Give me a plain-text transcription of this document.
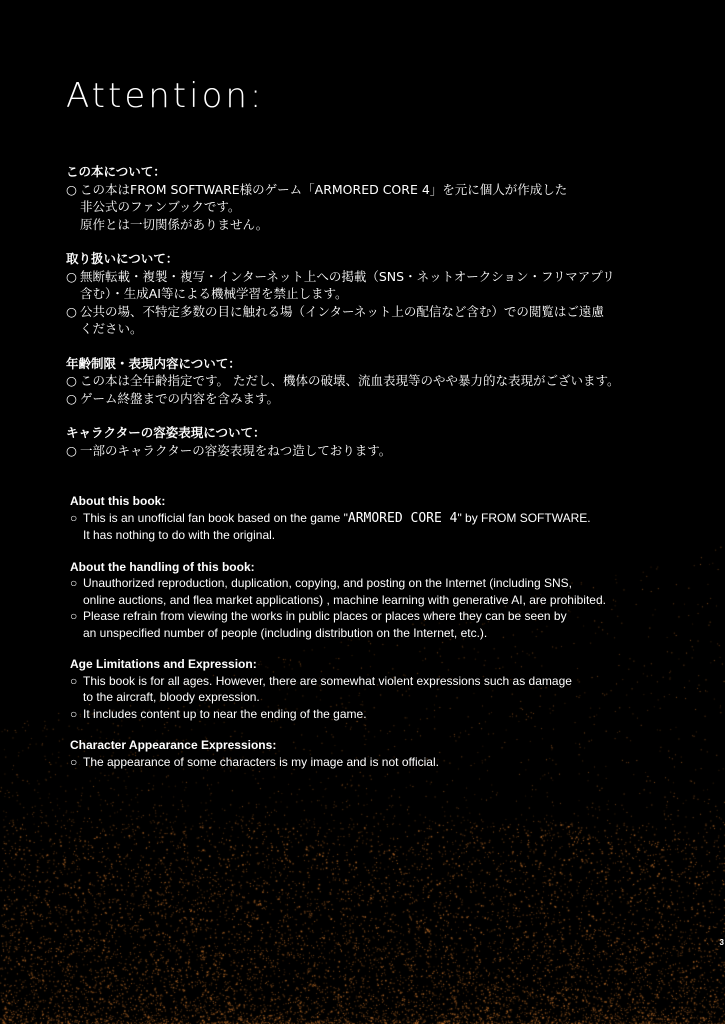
Attention:

この本について：

○ この本はFROM SOFTWARE様のゲーム「ARMORED CORE 4」を元に個人が作成した
非公式のファンブックです。
原作とは一切関係がありません。

取り扱いについて：

○ 無断転載・複製・複写・インターネット上への掲載（SNS・ネットオークション・フリマアプリ
含む）・生成AI等による機械学習を禁止します。
○ 公共の場、不特定多数の目に触れる場（インターネット上の配信など含む）での閲覧はご遠慮
ください。

年齢制限・表現内容について：

○ この本は全年齢指定です。 ただし、機体の破壊、流血表現等のやや暴力的な表現がございます。
○ ゲーム終盤までの内容を含みます。

キャラクターの容姿表現について：

○ 一部のキャラクターの容姿表現をねつ造しております。

About this book:

○ This is an unofficial fan book based on the game "ARMORED CORE 4" by FROM SOFTWARE.
It has nothing to do with the original.

About the handling of this book:

○ Unauthorized reproduction, duplication, copying, and posting on the Internet (including SNS,
online auctions, and flea market applications) , machine learning with generative AI, are prohibited.
○ Please refrain from viewing the works in public places or places where they can be seen by
an unspecified number of people (including distribution on the Internet, etc.).

Age Limitations and Expression:

○ This book is for all ages. However, there are somewhat violent expressions such as damage
to the aircraft, bloody expression.
○ It includes content up to near the ending of the game.

Character Appearance Expressions:

○ The appearance of some characters is my image and is not official.
3
